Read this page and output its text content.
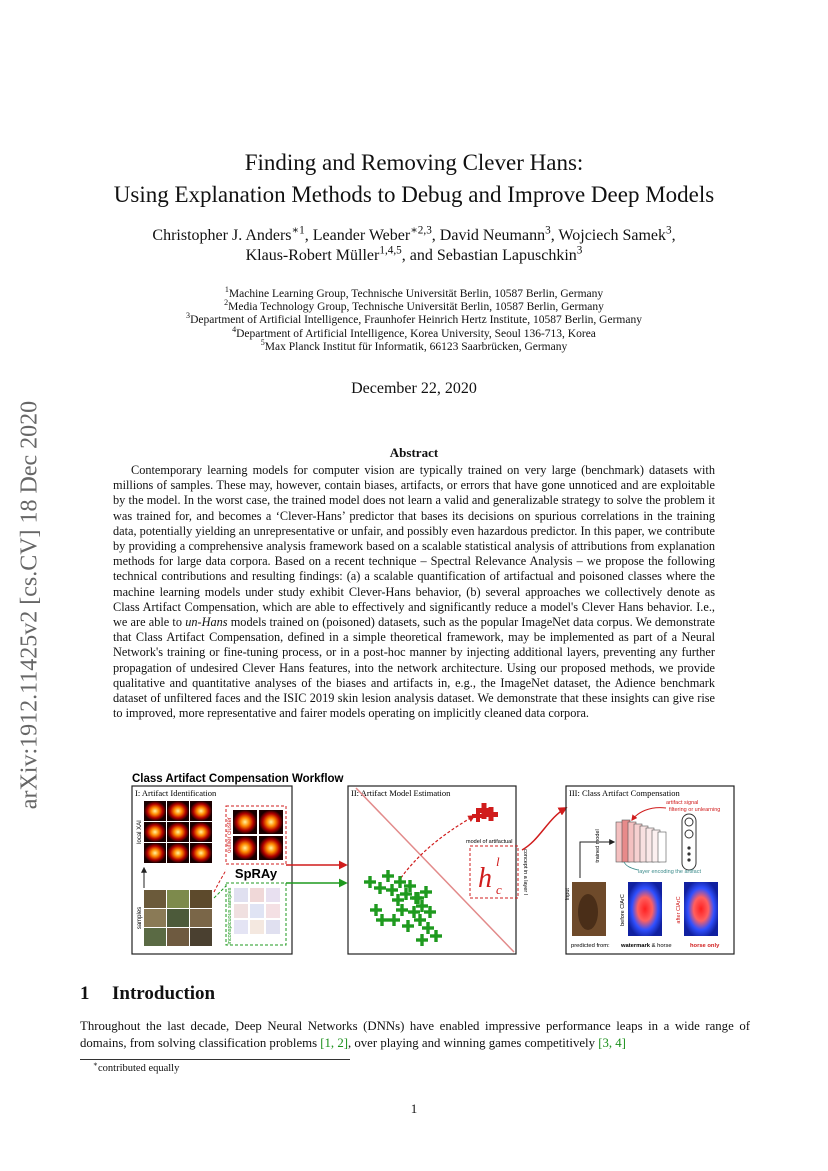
arXiv:1912.11425v2 [cs.CV] 18 Dec 2020
Finding and Removing Clever Hans:
Using Explanation Methods to Debug and Improve Deep Models
Christopher J. Anders$^{∗1}$, Leander Weber$^{∗2,3}$, David Neumann$^3$, Wojciech Samek$^3$,
Klaus-Robert Müller$^{1,4,5}$, and Sebastian Lapuschkin$^3$
$^1$Machine Learning Group, Technische Universität Berlin, 10587 Berlin, Germany
$^2$Media Technology Group, Technische Universität Berlin, 10587 Berlin, Germany
$^3$Department of Artificial Intelligence, Fraunhofer Heinrich Hertz Institute, 10587 Berlin, Germany
$^4$Department of Artificial Intelligence, Korea University, Seoul 136-713, Korea
$^5$Max Planck Institut für Informatik, 66123 Saarbrücken, Germany
December 22, 2020
Abstract
Contemporary learning models for computer vision are typically trained on very large (benchmark) datasets with millions of samples. These may, however, contain biases, artifacts, or errors that have gone unnoticed and are exploitable by the model. In the worst case, the trained model does not learn a valid and generalizable strategy to solve the problem it was trained for, and becomes a ‘Clever-Hans’ predictor that bases its decisions on spurious correlations in the training data, potentially yielding an unrepresentative or unfair, and possibly even hazardous predictor. In this paper, we contribute by providing a comprehensive analysis framework based on a scalable statistical analysis of attributions from explanation methods for large data corpora. Based on a recent technique – Spectral Relevance Analysis – we propose the following technical contributions and resulting findings: (a) a scalable quantification of artifactual and poisoned classes where the machine learning models under study exhibit Clever-Hans behavior, (b) several approaches we collectively denote as Class Artifact Compensation, which are able to effectively and significantly reduce a model's Clever Hans behavior. I.e., we are able to un-Hans models trained on (poisoned) datasets, such as the popular ImageNet data corpus. We demonstrate that Class Artifact Compensation, defined in a simple theoretical framework, may be implemented as part of a Neural Network's training or fine-tuning process, or in a post-hoc manner by injecting additional layers, preventing any further propagation of undesired Clever Hans features, into the network architecture. Using our proposed methods, we provide qualitative and quantitative analyses of the biases and artifacts in, e.g., the ImageNet dataset, the Adience benchmark dataset of unfiltered faces and the ISIC 2019 skin lesion analysis dataset. We demonstrate that these insights can give rise to improved, more representative and fairer models operating on implicitly cleaned data corpora.
Class Artifact Compensation Workflow
I: Artifact Identification
local XAI
samples
outlier cluster
SpRAy
inconspicuous samples
II: Artifact Model Estimation
model of artifactual
h
l
c	concept in a layer l
III: Class Artifact Compensation
artifact signal
filtering or unlearning
trained model
layer encoding the artifact
input
before ClArC	after ClArC
predicted from: watermark & horse	horse only
1 Introduction
Throughout the last decade, Deep Neural Networks (DNNs) have enabled impressive performance leaps in a wide range of domains, from solving classification problems [1, 2], over playing and winning games competitively [3, 4]
∗contributed equally
1
